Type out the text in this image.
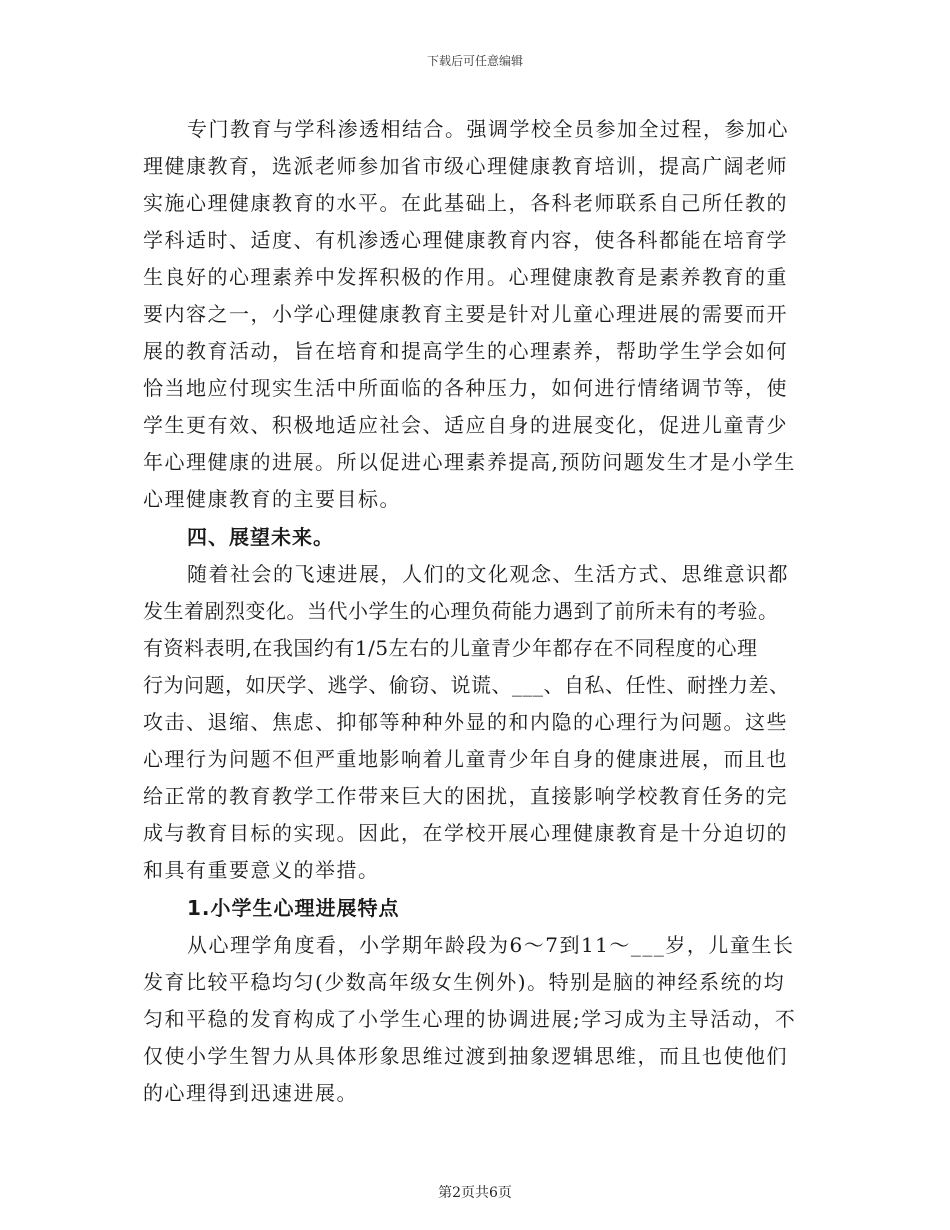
下载后可任意编辑
专门教育与学科渗透相结合。强调学校全员参加全过程，参加心
理健康教育，选派老师参加省市级心理健康教育培训，提高广阔老师
实施心理健康教育的水平。在此基础上，各科老师联系自己所任教的
学科适时、适度、有机渗透心理健康教育内容，使各科都能在培育学
生良好的心理素养中发挥积极的作用。心理健康教育是素养教育的重
要内容之一，小学心理健康教育主要是针对儿童心理进展的需要而开
展的教育活动，旨在培育和提高学生的心理素养，帮助学生学会如何
恰当地应付现实生活中所面临的各种压力，如何进行情绪调节等，使
学生更有效、积极地适应社会、适应自身的进展变化，促进儿童青少
年心理健康的进展。所以促进心理素养提高,预防问题发生才是小学生
心理健康教育的主要目标。
四、展望未来。
随着社会的飞速进展，人们的文化观念、生活方式、思维意识都
发生着剧烈变化。当代小学生的心理负荷能力遇到了前所未有的考验。
有资料表明,在我国约有1/5左右的儿童青少年都存在不同程度的心理
行为问题，如厌学、逃学、偷窃、说谎、___、自私、任性、耐挫力差、
攻击、退缩、焦虑、抑郁等种种外显的和内隐的心理行为问题。这些
心理行为问题不但严重地影响着儿童青少年自身的健康进展，而且也
给正常的教育教学工作带来巨大的困扰，直接影响学校教育任务的完
成与教育目标的实现。因此，在学校开展心理健康教育是十分迫切的
和具有重要意义的举措。
1.小学生心理进展特点
从心理学角度看，小学期年龄段为6～7到11～___岁，儿童生长
发育比较平稳均匀(少数高年级女生例外)。特别是脑的神经系统的均
匀和平稳的发育构成了小学生心理的协调进展;学习成为主导活动，不
仅使小学生智力从具体形象思维过渡到抽象逻辑思维，而且也使他们
的心理得到迅速进展。
第2页共6页
